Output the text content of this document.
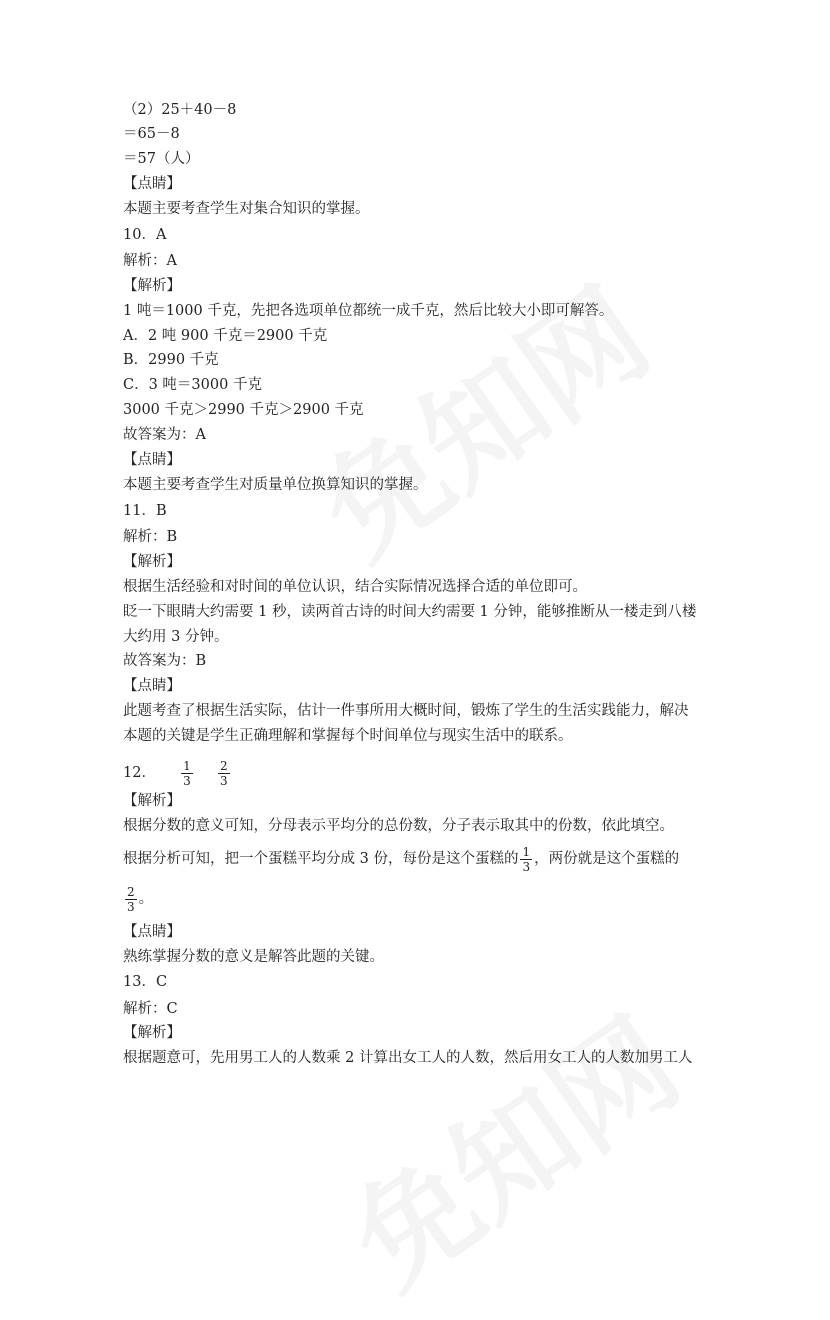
（2）25＋40－8

＝65－8

＝57（人）

【点睛】

本题主要考查学生对集合知识的掌握。

10．A

解析：A

【解析】

1 吨＝1000 千克，先把各选项单位都统一成千克，然后比较大小即可解答。

A．2 吨 900 千克＝2900 千克

B．2990 千克

C．3 吨＝3000 千克

3000 千克＞2990 千克＞2900 千克

故答案为：A

【点睛】

本题主要考查学生对质量单位换算知识的掌握。

11．B

解析：B

【解析】

根据生活经验和对时间的单位认识，结合实际情况选择合适的单位即可。

眨一下眼睛大约需要 1 秒，读两首古诗的时间大约需要 1 分钟，能够推断从一楼走到八楼

大约用 3 分钟。

故答案为：B

【点睛】

此题考查了根据生活实际，估计一件事所用大概时间，锻炼了学生的生活实践能力，解决

本题的关键是学生正确理解和掌握每个时间单位与现实生活中的联系。

12． $\frac{1}{3}$
$\frac{2}{3}$

【解析】

根据分数的意义可知，分母表示平均分的总份数，分子表示取其中的份数，依此填空。

根据分析可知，把一个蛋糕平均分成 3 份，每份是这个蛋糕的 $\frac{1}{3}$ ，两份就是这个蛋糕的
$\frac{2}{3}$ 。

【点睛】

熟练掌握分数的意义是解答此题的关键。

13．C

解析：C

【解析】

根据题意可，先用男工人的人数乘 2 计算出女工人的人数，然后用女工人的人数加男工人
